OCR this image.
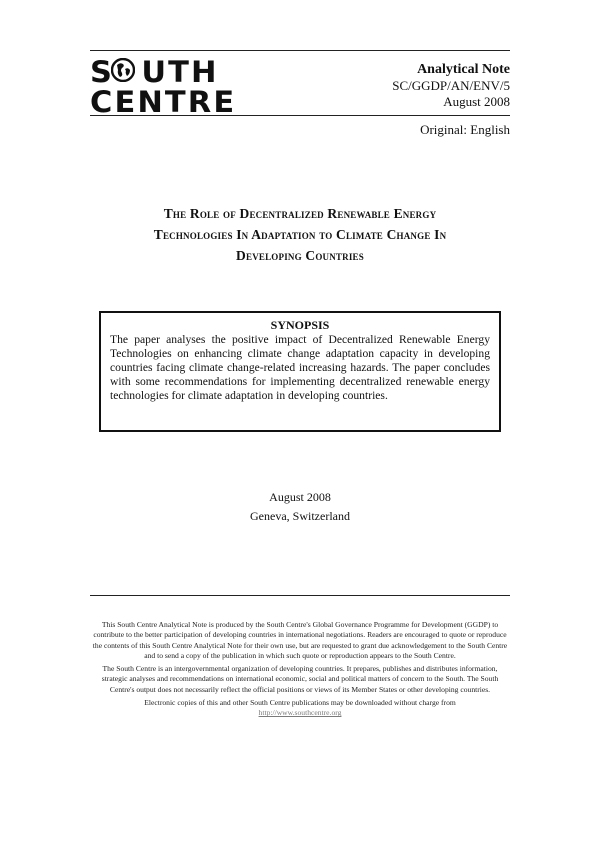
S UTH
CENTRE
Analytical Note
SC/GGDP/AN/ENV/5
August 2008
Original: English
The Role of Decentralized Renewable Energy
Technologies In Adaptation to Climate Change In
Developing Countries
SYNOPSIS

The paper analyses the positive impact of Decentralized Renewable Energy Technologies on enhancing climate change adaptation capacity in developing countries facing climate change-related increasing hazards. The paper concludes with some recommendations for implementing decentralized renewable energy technologies for climate adaptation in developing countries.

August 2008
Geneva, Switzerland

This South Centre Analytical Note is produced by the South Centre's Global Governance Programme for Development (GGDP) to contribute to the better participation of developing countries in international negotiations. Readers are encouraged to quote or reproduce the contents of this South Centre Analytical Note for their own use, but are requested to grant due acknowledgement to the South Centre and to send a copy of the publication in which such quote or reproduction appears to the South Centre.

The South Centre is an intergovernmental organization of developing countries. It prepares, publishes and distributes information, strategic analyses and recommendations on international economic, social and political matters of concern to the South. The South Centre's output does not necessarily reflect the official positions or views of its Member States or other developing countries.

Electronic copies of this and other South Centre publications may be downloaded without charge from
http://www.southcentre.org
